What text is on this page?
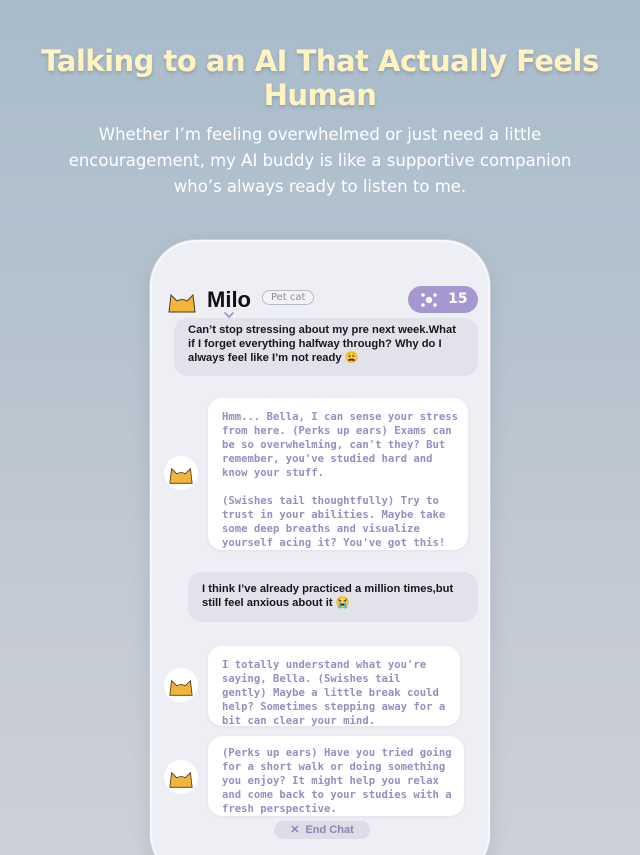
Talking to an AI That Actually Feels Human
Whether I’m feeling overwhelmed or just need a little encouragement, my AI buddy is like a supportive companion who’s always ready to listen to me.
Milo	Pet cat	15
Can’t stop stressing about my pre next week.What if I forget everything halfway through? Why do I always feel like I’m not ready 😩
Hmm... Bella, I can sense your stress from here. (Perks up ears) Exams can be so overwhelming, can't they? But remember, you've studied hard and know your stuff.

(Swishes tail thoughtfully) Try to trust in your abilities. Maybe take some deep breaths and visualize yourself acing it? You've got this!
I think I’ve already practiced a million times,but still feel anxious about it 😭
I totally understand what you're saying, Bella. (Swishes tail gently) Maybe a little break could help? Sometimes stepping away for a bit can clear your mind.
(Perks up ears) Have you tried going for a short walk or doing something you enjoy? It might help you relax and come back to your studies with a fresh perspective.
✕ End Chat
